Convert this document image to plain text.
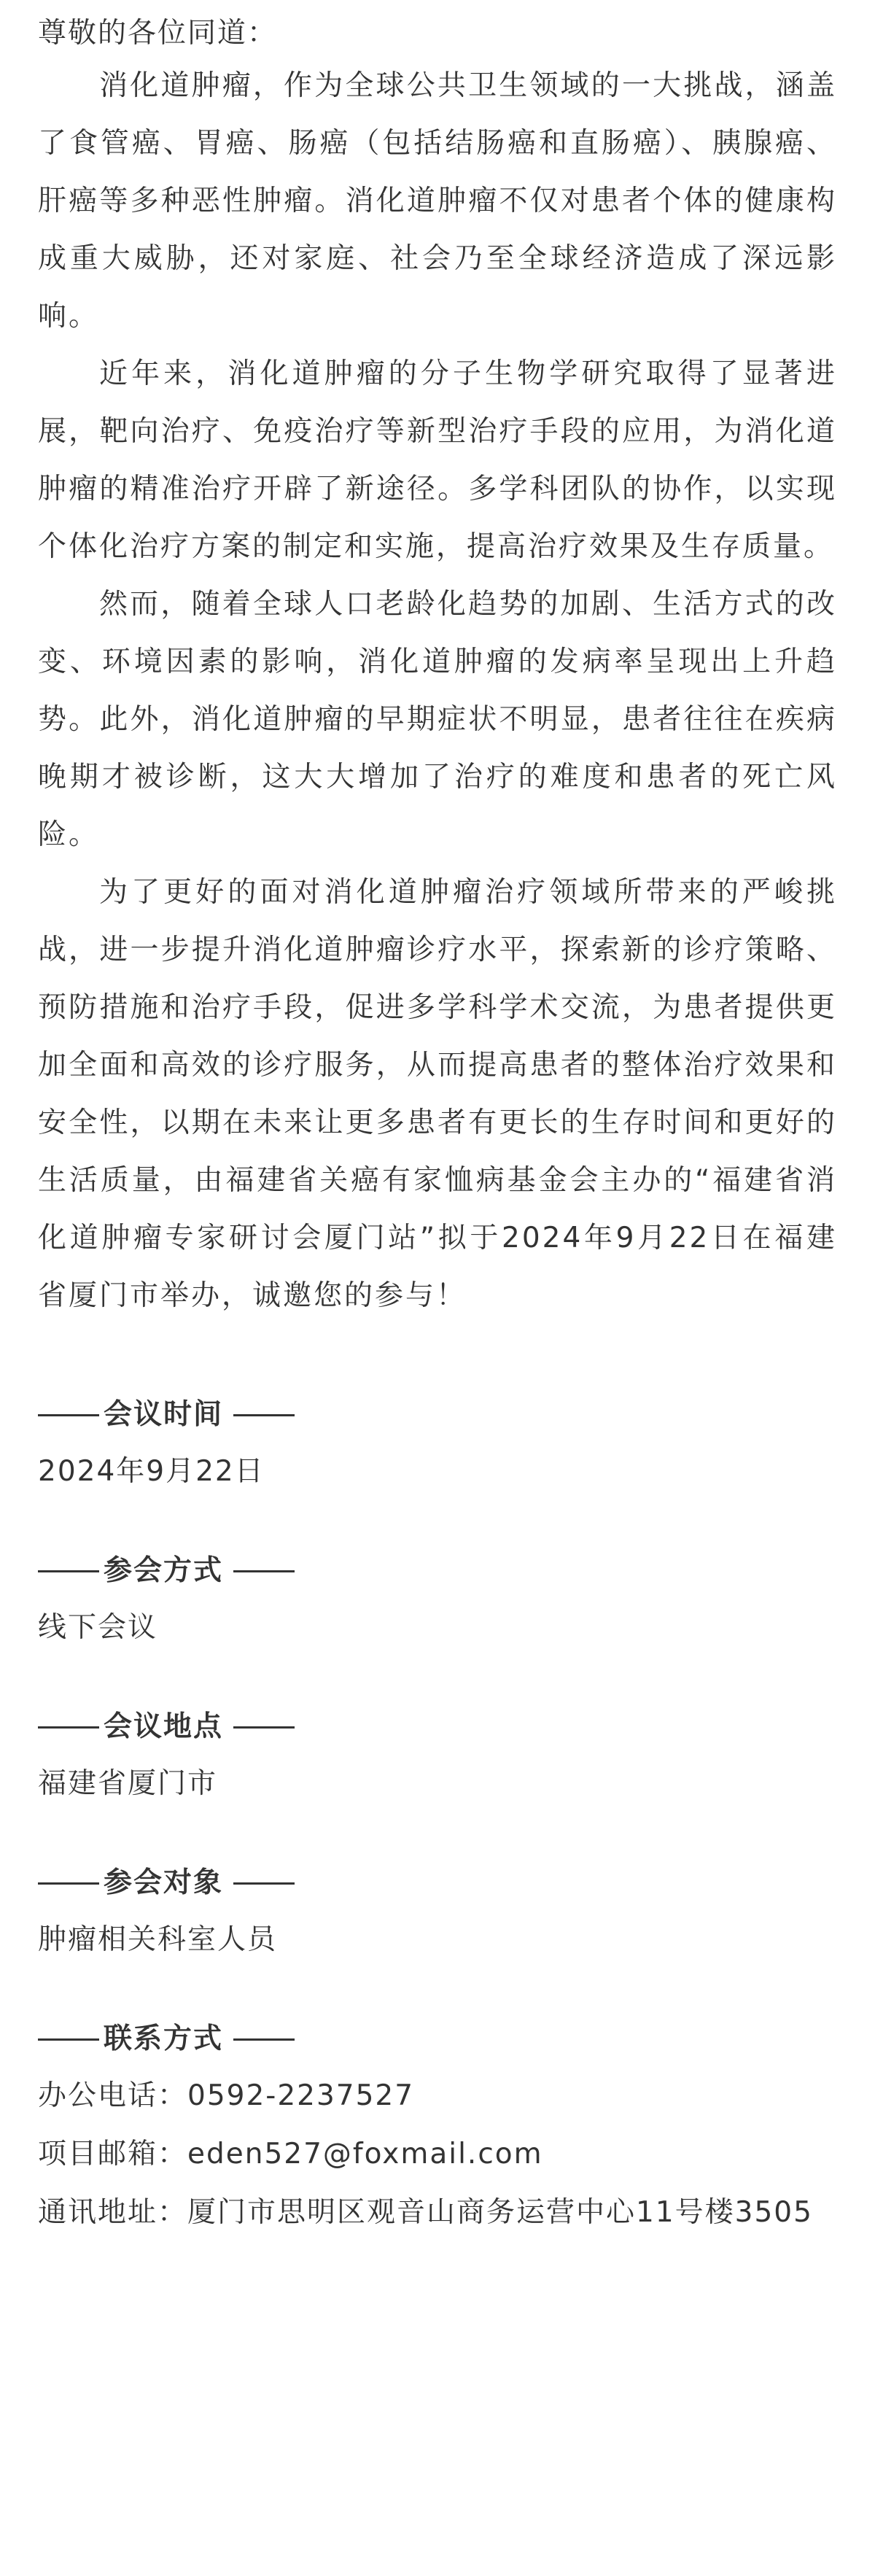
尊敬的各位同道：

消化道肿瘤，作为全球公共卫生领域的一大挑战，涵盖了食管癌、胃癌、肠癌（包括结肠癌和直肠癌）、胰腺癌、肝癌等多种恶性肿瘤。消化道肿瘤不仅对患者个体的健康构成重大威胁，还对家庭、社会乃至全球经济造成了深远影响。

近年来，消化道肿瘤的分子生物学研究取得了显著进展，靶向治疗、免疫治疗等新型治疗手段的应用，为消化道肿瘤的精准治疗开辟了新途径。多学科团队的协作，以实现个体化治疗方案的制定和实施，提高治疗效果及生存质量。

然而，随着全球人口老龄化趋势的加剧、生活方式的改变、环境因素的影响，消化道肿瘤的发病率呈现出上升趋势。此外，消化道肿瘤的早期症状不明显，患者往往在疾病晚期才被诊断，这大大增加了治疗的难度和患者的死亡风险。

为了更好的面对消化道肿瘤治疗领域所带来的严峻挑战，进一步提升消化道肿瘤诊疗水平，探索新的诊疗策略、预防措施和治疗手段，促进多学科学术交流，为患者提供更加全面和高效的诊疗服务，从而提高患者的整体治疗效果和安全性，以期在未来让更多患者有更长的生存时间和更好的生活质量，由福建省关癌有家恤病基金会主办的“福建省消化道肿瘤专家研讨会厦门站”拟于2024年9月22日在福建省厦门市举办，诚邀您的参与！

会议时间

2024年9月22日

参会方式

线下会议

会议地点

福建省厦门市

参会对象

肿瘤相关科室人员

联系方式

办公电话：0592-2237527

项目邮箱：eden527@foxmail.com

通讯地址：厦门市思明区观音山商务运营中心11号楼3505
